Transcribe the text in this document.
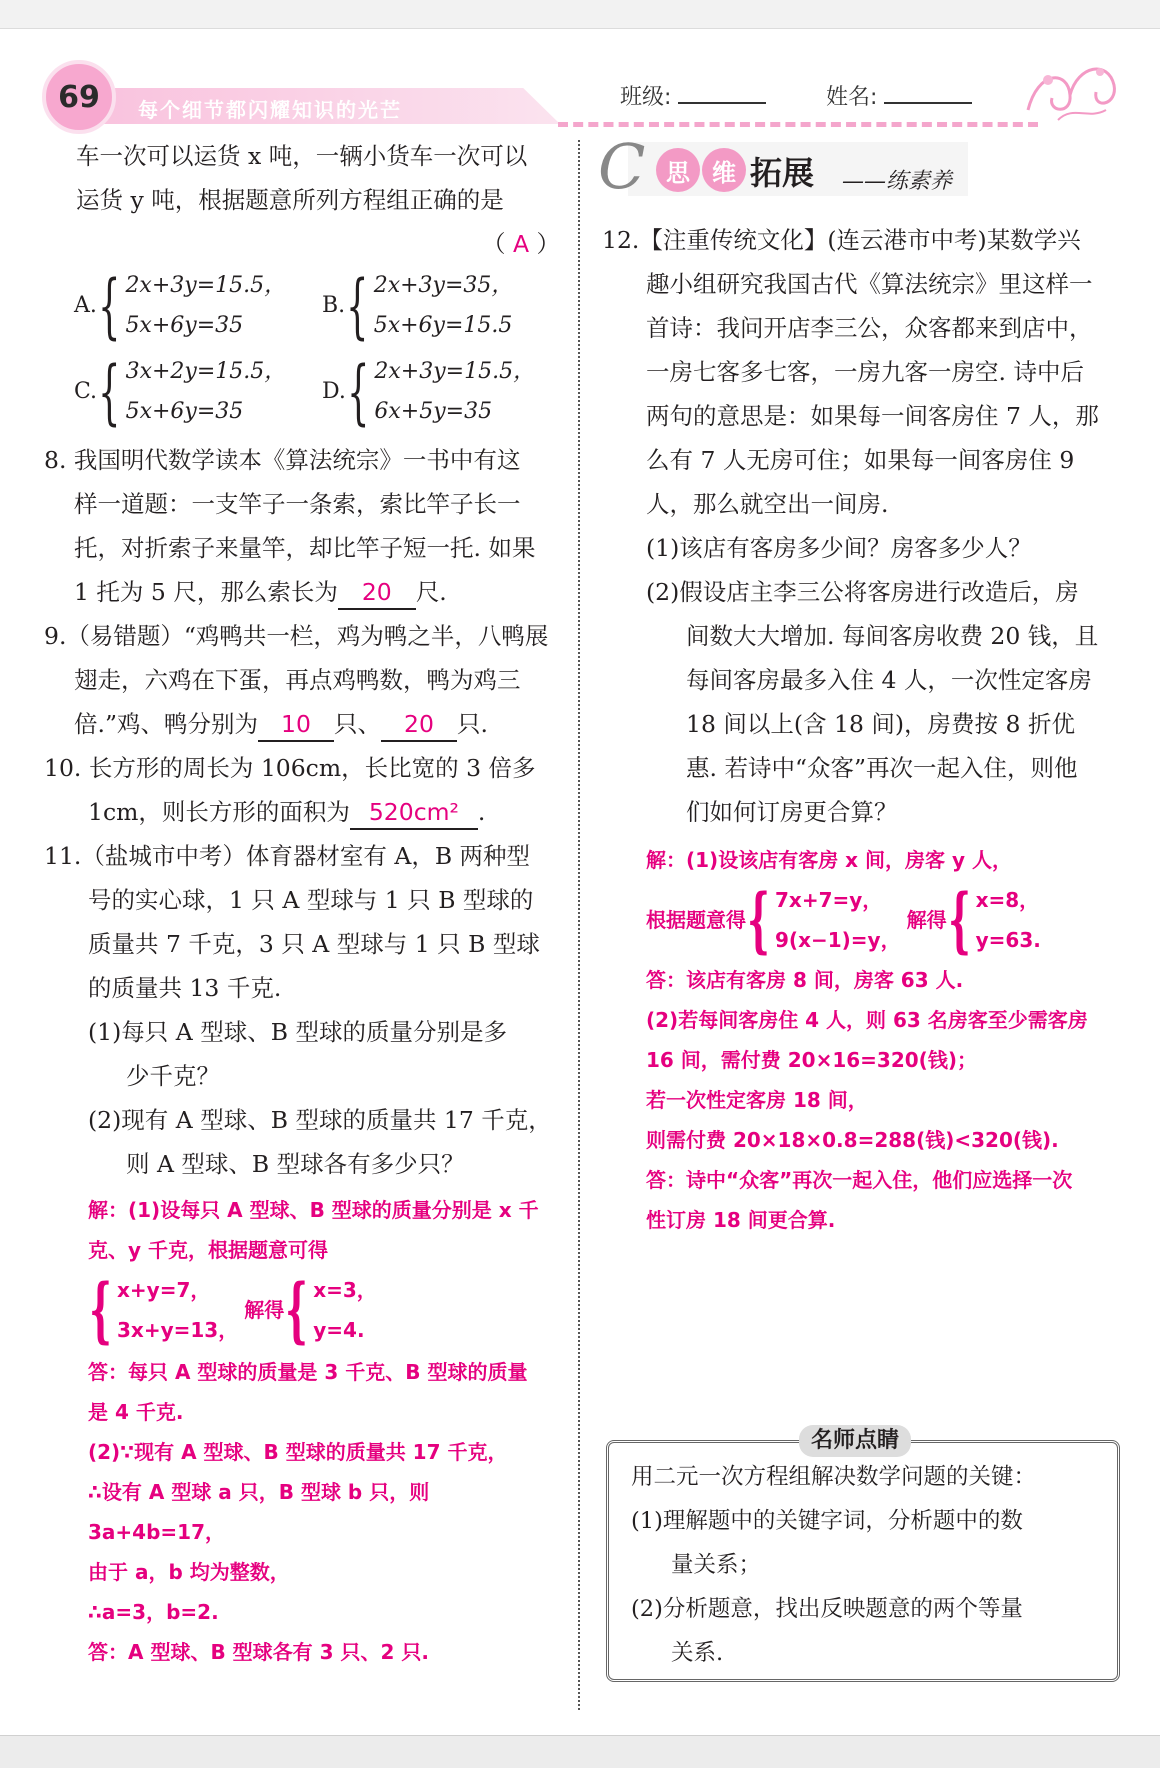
每个细节都闪耀知识的光芒
69	班级:	姓名:

车一次可以运货 x 吨，一辆小货车一次可以

运货 y 吨，根据题意所列方程组正确的是

（ A ）

A. { 2x+3y=15.5，
5x+6y=35
B. { 2x+3y=35，
5x+6y=15.5
C. { 3x+2y=15.5，
5x+6y=35
D. { 2x+3y=15.5，
6x+5y=35

8. 我国明代数学读本《算法统宗》一书中有这

样一道题：一支竿子一条索，索比竿子长一

托，对折索子来量竿，却比竿子短一托. 如果

1 托为 5 尺，那么索长为 20 尺.

9.（易错题）“鸡鸭共一栏，鸡为鸭之半，八鸭展

翅走，六鸡在下蛋，再点鸡鸭数，鸭为鸡三

倍.”鸡、鸭分别为 10 只、 20 只.

10. 长方形的周长为 106cm，长比宽的 3 倍多

1cm，则长方形的面积为 520cm² .

11.（盐城市中考）体育器材室有 A，B 两种型

号的实心球，1 只 A 型球与 1 只 B 型球的

质量共 7 千克，3 只 A 型球与 1 只 B 型球

的质量共 13 千克.

(1)每只 A 型球、B 型球的质量分别是多

少千克？

(2)现有 A 型球、B 型球的质量共 17 千克，

则 A 型球、B 型球各有多少只？

解：(1)设每只 A 型球、B 型球的质量分别是 x 千
克、y 千克，根据题意可得
{ x+y=7，
3x+y=13，
解得 { x=3，
y=4.
答：每只 A 型球的质量是 3 千克、B 型球的质量
是 4 千克.
(2)∵现有 A 型球、B 型球的质量共 17 千克，
∴设有 A 型球 a 只，B 型球 b 只，则 3a+4b=17，
由于 a，b 均为整数，
∴a=3，b=2.
答：A 型球、B 型球各有 3 只、2 只.
C 思 维 拓展 ——练素养

12.【注重传统文化】(连云港市中考)某数学兴

趣小组研究我国古代《算法统宗》里这样一

首诗：我问开店李三公，众客都来到店中，

一房七客多七客，一房九客一房空. 诗中后

两句的意思是：如果每一间客房住 7 人，那

么有 7 人无房可住；如果每一间客房住 9

人，那么就空出一间房.

(1)该店有客房多少间？房客多少人？

(2)假设店主李三公将客房进行改造后，房

间数大大增加. 每间客房收费 20 钱，且

每间客房最多入住 4 人，一次性定客房

18 间以上(含 18 间)，房费按 8 折优

惠. 若诗中“众客”再次一起入住，则他

们如何订房更合算？

解：(1)设该店有客房 x 间，房客 y 人，
根据题意得 { 7x+7=y，
9(x−1)=y，
解得 { x=8，
y=63.
答：该店有客房 8 间，房客 63 人.
(2)若每间客房住 4 人，则 63 名房客至少需客房
16 间，需付费 20×16=320(钱)；
若一次性定客房 18 间，
则需付费 20×18×0.8=288(钱)<320(钱).
答：诗中“众客”再次一起入住，他们应选择一次
性订房 18 间更合算.
名师点睛
用二元一次方程组解决数学问题的关键：
(1)理解题中的关键字词，分析题中的数
量关系；
(2)分析题意，找出反映题意的两个等量
关系.
